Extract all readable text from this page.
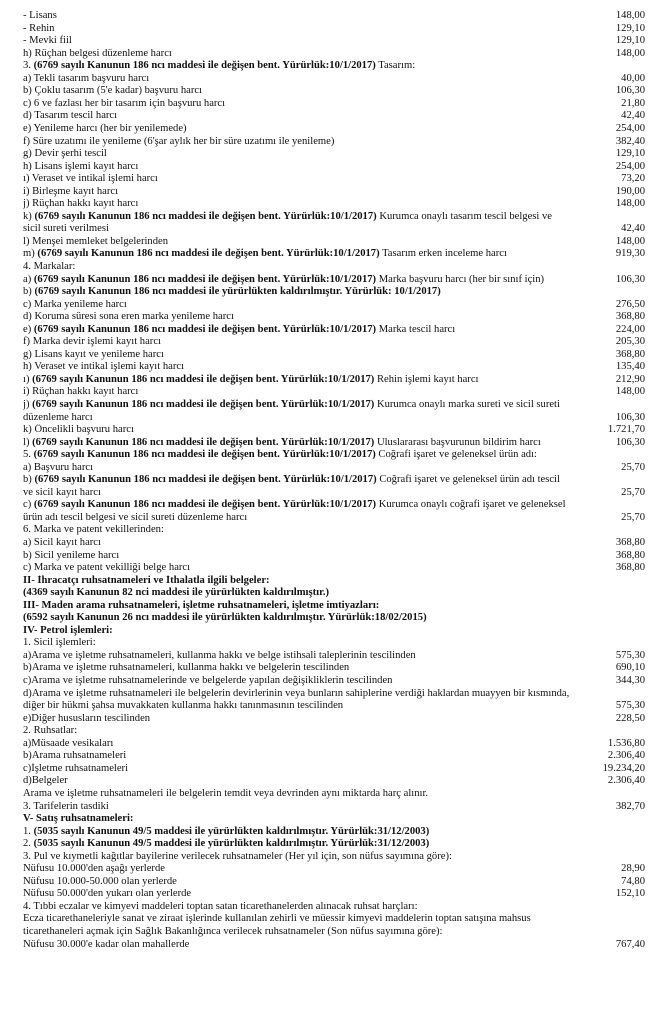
- Lisans	148,00
- Rehin	129,10
- Mevki fiil	129,10
h) Rüçhan belgesi düzenleme harcı	148,00
3. (6769 sayılı Kanunun 186 ncı maddesi ile değişen bent. Yürürlük:10/1/2017) Tasarım:
a) Tekli tasarım başvuru harcı	40,00
b) Çoklu tasarım (5'e kadar) başvuru harcı	106,30
c) 6 ve fazlası her bir tasarım için başvuru harcı	21,80
d) Tasarım tescil harcı	42,40
e) Yenileme harcı (her bir yenilemede)	254,00
f) Süre uzatımı ile yenileme (6'şar aylık her bir süre uzatımı ile yenileme)	382,40
g) Devir şerhi tescil	129,10
h) Lisans işlemi kayıt harcı	254,00
ı) Veraset ve intikal işlemi harcı	73,20
i) Birleşme kayıt harcı	190,00
j) Rüçhan hakkı kayıt harcı	148,00
k) (6769 sayılı Kanunun 186 ncı maddesi ile değişen bent. Yürürlük:10/1/2017) Kurumca onaylı tasarım tescil belgesi ve
sicil sureti verilmesi	42,40
l) Menşei memleket belgelerinden	148,00
m) (6769 sayılı Kanunun 186 ncı maddesi ile değişen bent. Yürürlük:10/1/2017) Tasarım erken inceleme harcı	919,30
4. Markalar:
a) (6769 sayılı Kanunun 186 ncı maddesi ile değişen bent. Yürürlük:10/1/2017) Marka başvuru harcı (her bir sınıf için)	106,30
b) (6769 sayılı Kanunun 186 ncı maddesi ile yürürlükten kaldırılmıştır. Yürürlük: 10/1/2017)
c) Marka yenileme harcı	276,50
d) Koruma süresi sona eren marka yenileme harcı	368,80
e) (6769 sayılı Kanunun 186 ncı maddesi ile değişen bent. Yürürlük:10/1/2017) Marka tescil harcı	224,00
f) Marka devir işlemi kayıt harcı	205,30
g) Lisans kayıt ve yenileme harcı	368,80
h) Veraset ve intikal işlemi kayıt harcı	135,40
ı) (6769 sayılı Kanunun 186 ncı maddesi ile değişen bent. Yürürlük:10/1/2017) Rehin işlemi kayıt harcı	212,90
i) Rüçhan hakkı kayıt harcı	148,00
j) (6769 sayılı Kanunun 186 ncı maddesi ile değişen bent. Yürürlük:10/1/2017) Kurumca onaylı marka sureti ve sicil sureti
düzenleme harcı	106,30
k) Öncelikli başvuru harcı	1.721,70
l) (6769 sayılı Kanunun 186 ncı maddesi ile değişen bent. Yürürlük:10/1/2017) Uluslararası başvurunun bildirim harcı	106,30
5. (6769 sayılı Kanunun 186 ncı maddesi ile değişen bent. Yürürlük:10/1/2017) Coğrafi işaret ve geleneksel ürün adı:
a) Başvuru harcı	25,70
b) (6769 sayılı Kanunun 186 ncı maddesi ile değişen bent. Yürürlük:10/1/2017) Coğrafi işaret ve geleneksel ürün adı tescil
ve sicil kayıt harcı	25,70
c) (6769 sayılı Kanunun 186 ncı maddesi ile değişen bent. Yürürlük:10/1/2017) Kurumca onaylı coğrafi işaret ve geleneksel
ürün adı tescil belgesi ve sicil sureti düzenleme harcı	25,70
6. Marka ve patent vekillerinden:
a) Sicil kayıt harcı	368,80
b) Sicil yenileme harcı	368,80
c) Marka ve patent vekilliği belge harcı	368,80
II- İhracatçı ruhsatnameleri ve İthalatla ilgili belgeler:
(4369 sayılı Kanunun 82 nci maddesi ile yürürlükten kaldırılmıştır.)
III- Maden arama ruhsatnameleri, işletme ruhsatnameleri, işletme imtiyazları:
(6592 sayılı Kanunun 26 ncı maddesi ile yürürlükten kaldırılmıştır. Yürürlük:18/02/2015)
IV- Petrol işlemleri:
1. Sicil işlemleri:
a)Arama ve işletme ruhsatnameleri, kullanma hakkı ve belge istihsali taleplerinin tescilinden	575,30
b)Arama ve işletme ruhsatnameleri, kullanma hakkı ve belgelerin tescilinden	690,10
c)Arama ve işletme ruhsatnamelerinde ve belgelerde yapılan değişikliklerin tescilinden	344,30
d)Arama ve işletme ruhsatnameleri ile belgelerin devirlerinin veya bunların sahiplerine verdiği haklardan muayyen bir kısmında,
diğer bir hükmi şahsa muvakkaten kullanma hakkı tanınmasının tescilinden	575,30
e)Diğer hususların tescilinden	228,50
2. Ruhsatlar:
a)Müsaade vesikaları	1.536,80
b)Arama ruhsatnameleri	2.306,40
c)İşletme ruhsatnameleri	19.234,20
d)Belgeler	2.306,40
Arama ve işletme ruhsatnameleri ile belgelerin temdit veya devrinden aynı miktarda harç alınır.
3. Tarifelerin tasdiki	382,70
V- Satış ruhsatnameleri:
1. (5035 sayılı Kanunun 49/5 maddesi ile yürürlükten kaldırılmıştır. Yürürlük:31/12/2003)
2. (5035 sayılı Kanunun 49/5 maddesi ile yürürlükten kaldırılmıştır. Yürürlük:31/12/2003)
3. Pul ve kıymetli kağıtlar bayilerine verilecek ruhsatnameler (Her yıl için, son nüfus sayımına göre):
Nüfusu 10.000'den aşağı yerlerde	28,90
Nüfusu 10.000-50.000 olan yerlerde	74,80
Nüfusu 50.000'den yukarı olan yerlerde	152,10
4. Tıbbi eczalar ve kimyevi maddeleri toptan satan ticarethanelerden alınacak ruhsat harçları:
Ecza ticarethaneleriyle sanat ve ziraat işlerinde kullanılan zehirli ve müessir kimyevi maddelerin toptan satışına mahsus
ticarethaneleri açmak için Sağlık Bakanlığınca verilecek ruhsatnameler (Son nüfus sayımına göre):
Nüfusu 30.000'e kadar olan mahallerde	767,40
